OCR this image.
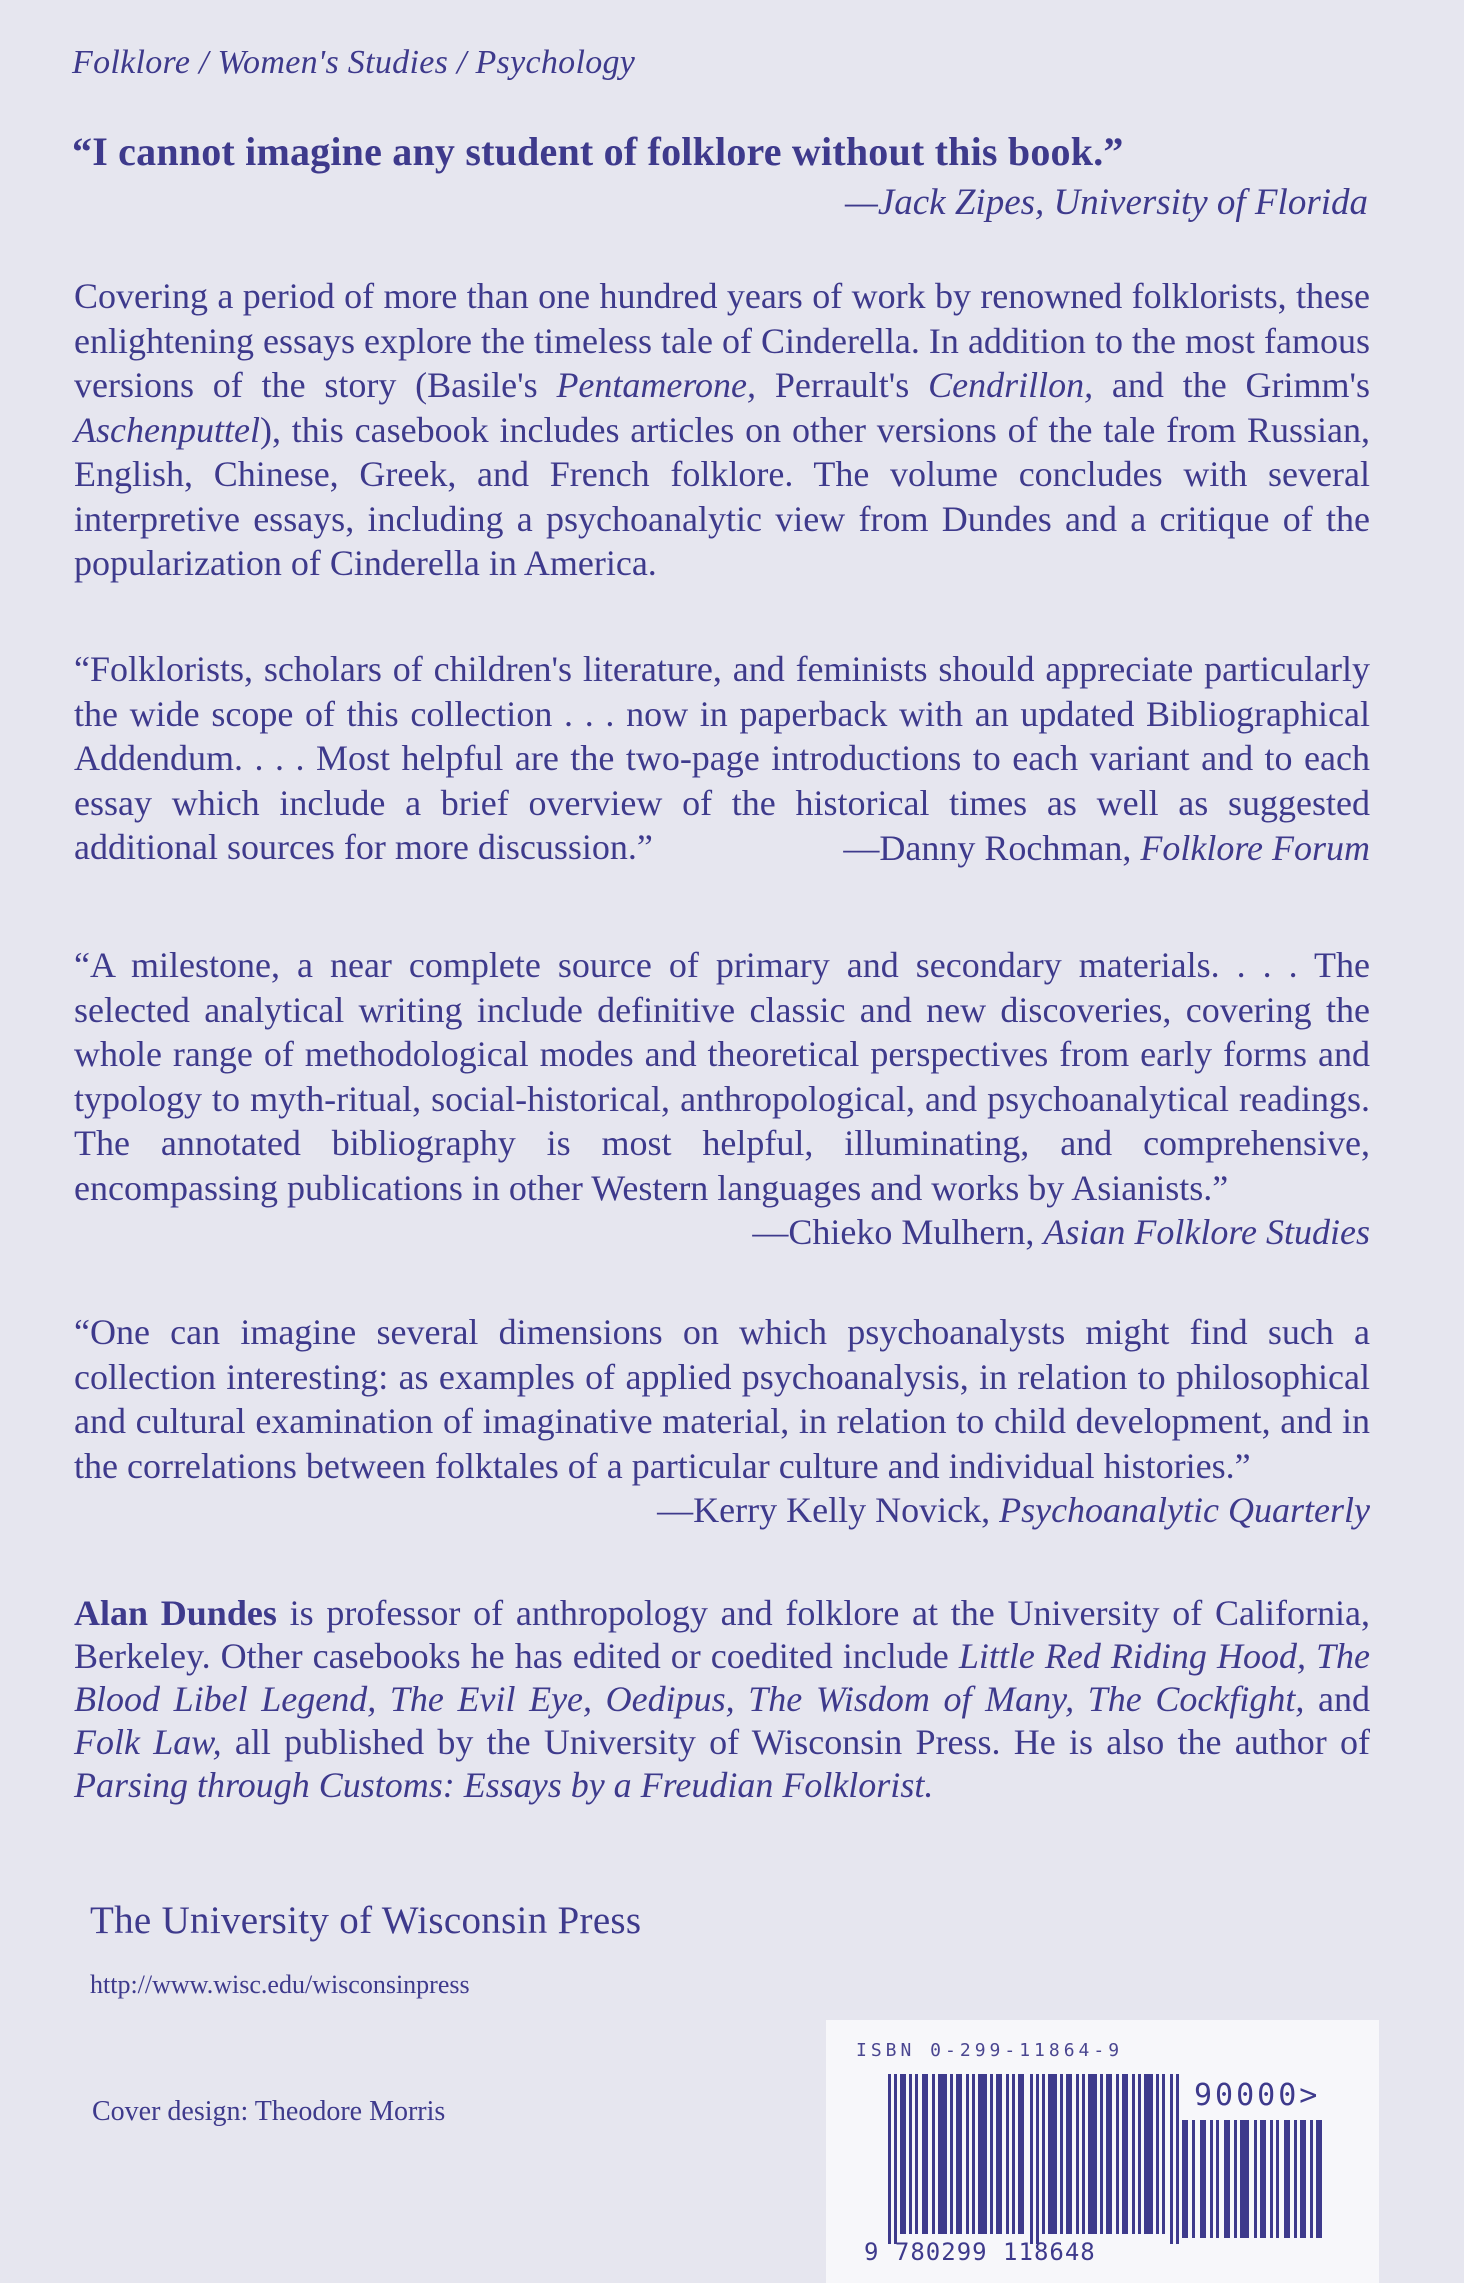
Folklore / Women's Studies / Psychology
“I cannot imagine any student of folklore without this book.”
—Jack Zipes, University of Florida
Covering a period of more than one hundred years of work by renowned folklorists, these enlightening essays explore the timeless tale of Cinderella. In addition to the most famous versions of the story (Basile's Pentamerone, Perrault's Cendrillon, and the Grimm's Aschenputtel), this casebook includes articles on other versions of the tale from Russian, English, Chinese, Greek, and French folklore. The volume concludes with several interpretive essays, including a psychoanalytic view from Dundes and a critique of the popularization of Cinderella in America.
“Folklorists, scholars of children's literature, and feminists should appreciate particularly the wide scope of this collection . . . now in paperback with an updated Bibliographical Addendum. . . . Most helpful are the two-page introductions to each variant and to each essay which include a brief overview of the historical times as well as suggested additional sources for more discussion.”	—Danny Rochman, Folklore Forum
“A milestone, a near complete source of primary and secondary materials. . . . The selected analytical writing include definitive classic and new discoveries, covering the whole range of methodological modes and theoretical perspectives from early forms and typology to myth-ritual, social-historical, anthropological, and psychoanalytical readings. The annotated bibliography is most helpful, illuminating, and comprehensive, encompassing publications in other Western languages and works by Asianists.”
—Chieko Mulhern, Asian Folklore Studies
“One can imagine several dimensions on which psychoanalysts might find such a collection interesting: as examples of applied psychoanalysis, in relation to philosophical and cultural examination of imaginative material, in relation to child development, and in the correlations between folktales of a particular culture and individual histories.”
—Kerry Kelly Novick, Psychoanalytic Quarterly
Alan Dundes is professor of anthropology and folklore at the University of California, Berkeley. Other casebooks he has edited or coedited include Little Red Riding Hood, The Blood Libel Legend, The Evil Eye, Oedipus, The Wisdom of Many, The Cockfight, and Folk Law, all published by the University of Wisconsin Press. He is also the author of Parsing through Customs: Essays by a Freudian Folklorist.
The University of Wisconsin Press
http://www.wisc.edu/wisconsinpress
Cover design: Theodore Morris
ISBN 0-299-11864-9
90000>
9 780299 118648
